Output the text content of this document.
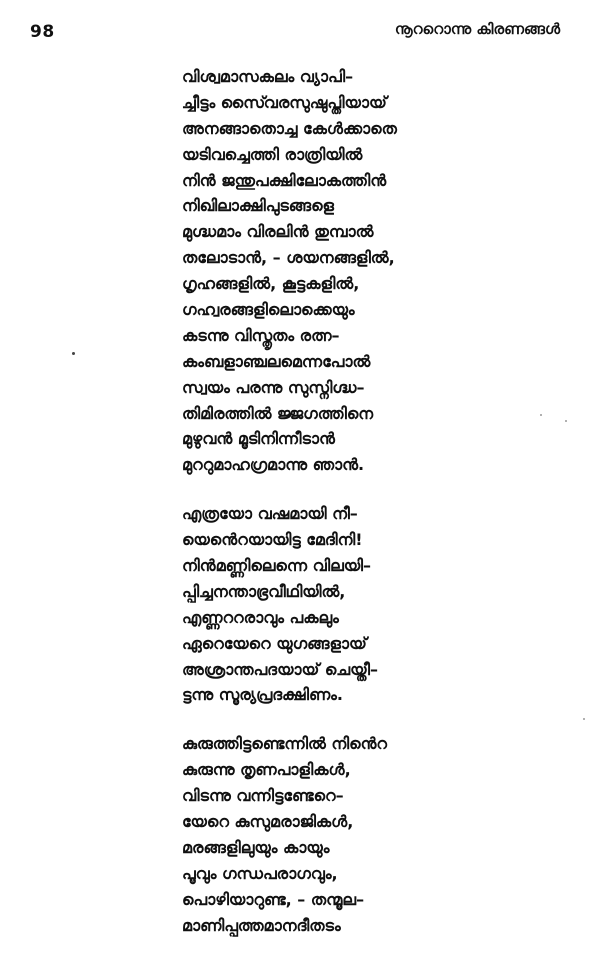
98	നൂററൊന്നു കിരണങ്ങൾ
വിശ്വമാസകലം വ്യാപി–
ച്ചീട്ടം സൈ്വരസുഷുപ്തിയായ്
അനങ്ങാതൊച്ച കേൾക്കാതെ
യടിവച്ചെത്തി രാത്രിയിൽ
നിൻ ജന്തുപക്ഷിലോകത്തിൻ
നിഖിലാക്ഷിപുടങ്ങളെ
മുഗ്ദ്ധമാം വിരലിൻ തുമ്പാൽ
തലോടാൻ, – ശയനങ്ങളിൽ,
ഗൃഹങ്ങളിൽ, കൂട്ടകളിൽ,
ഗഹ്വരങ്ങളിലൊക്കെയും
കടന്നു വിസ്തൃതം രത്ന–
കംബളാഞ്ചലമെന്നപോൽ
സ്വയം പരന്നു സുസ്നിഗ്ദ്ധ–
തിമിരത്തിൽ ജ്ജഗത്തിനെ
മുഴുവൻ മൂടിനിന്നീടാൻ
മുററുമാഹഗ്രമാന്നു ഞാൻ.
എത്രയോ വഷമായി നീ–
യെൻെറയായിട്ട മേദിനി!
നിൻമണ്ണിലെന്നെ വിലയി–
പ്പിച്ചനന്താഭ്രവീഥിയിൽ,
എണ്ണററരാവും പകലും
ഏറെയേറെ യുഗങ്ങളായ്
അശ്രാന്തപദയായ് ചെയ്തീ–
ട്ടന്നു സൂര്യപ്രദക്ഷിണം.
കുരുത്തിട്ടണ്ടെന്നിൽ നിൻെറ
കുരുന്നു തൃണപാളികൾ,
വിടന്നു വന്നിട്ടണ്ടേറെ–
യേറെ കുസുമരാജികൾ,
മരങ്ങളിലുയും കായും
പൂവും ഗന്ധപരാഗവും,
പൊഴിയാറുണ്ട, – തന്മൂല–
മാണിപ്പത്തമാനദീതടം
